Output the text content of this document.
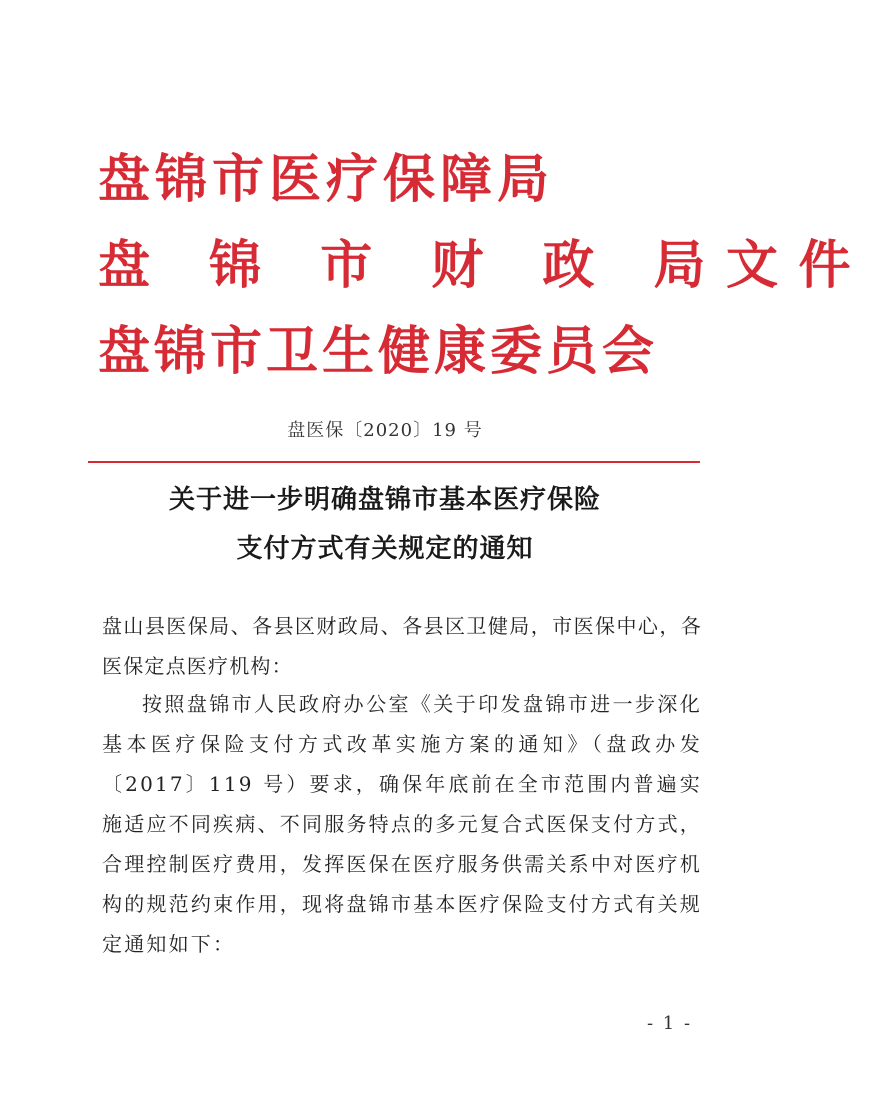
盘锦市医疗保障局
盘 锦 市 财 政 局文件
盘锦市卫生健康委员会
盘医保〔2020〕19 号
关于进一步明确盘锦市基本医疗保险
支付方式有关规定的通知
盘山县医保局、各县区财政局、各县区卫健局，市医保中心，各医保定点医疗机构：
按照盘锦市人民政府办公室《关于印发盘锦市进一步深化基本医疗保险支付方式改革实施方案的通知》（盘政办发〔2017〕119 号）要求，确保年底前在全市范围内普遍实施适应不同疾病、不同服务特点的多元复合式医保支付方式，合理控制医疗费用，发挥医保在医疗服务供需关系中对医疗机构的规范约束作用，现将盘锦市基本医疗保险支付方式有关规定通知如下：
- 1 -
